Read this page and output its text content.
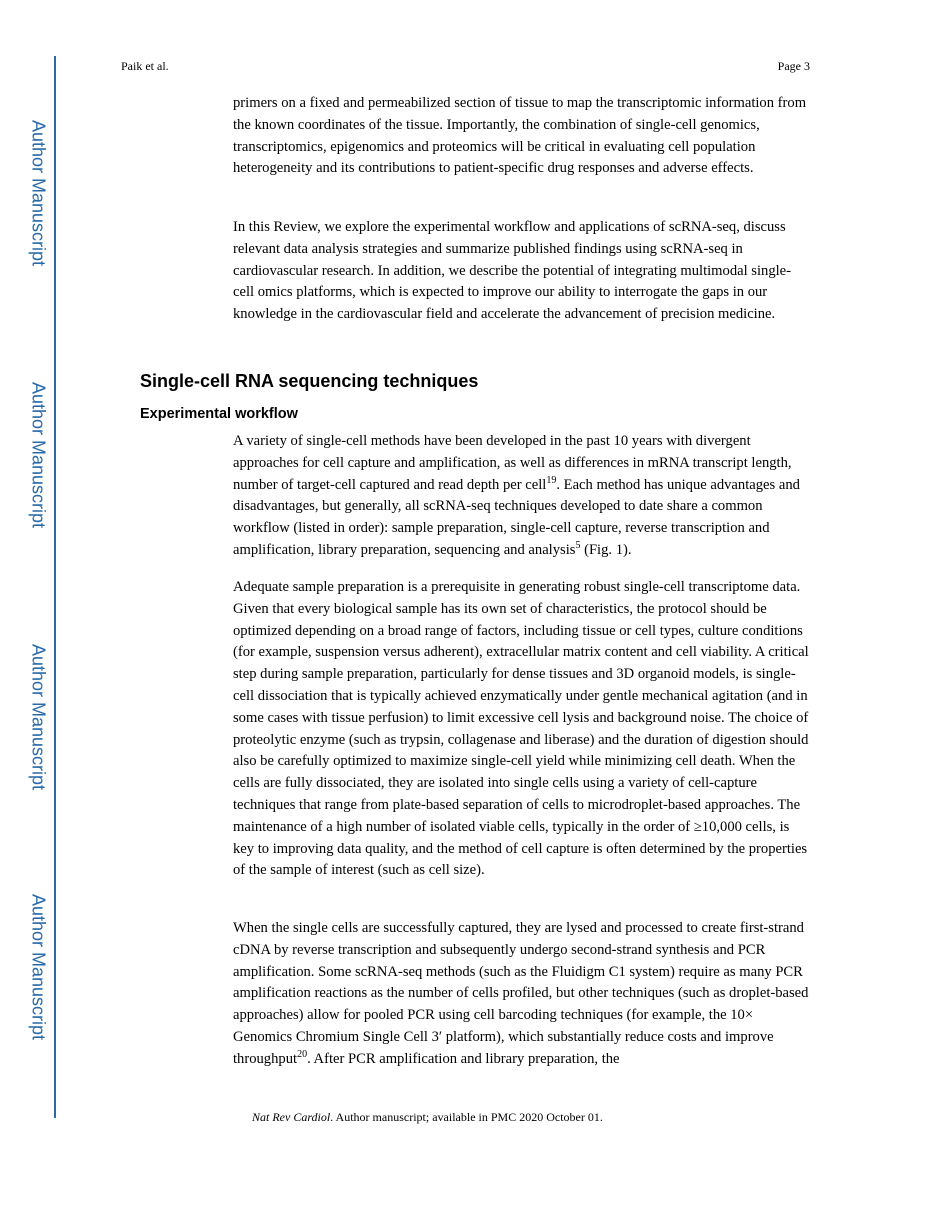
Author Manuscript
Author Manuscript
Author Manuscript
Author Manuscript
Paik et al.	Page 3

primers on a fixed and permeabilized section of tissue to map the transcriptomic information from the known coordinates of the tissue. Importantly, the combination of single-cell genomics, transcriptomics, epigenomics and proteomics will be critical in evaluating cell population heterogeneity and its contributions to patient-specific drug responses and adverse effects.

In this Review, we explore the experimental workflow and applications of scRNA-seq, discuss relevant data analysis strategies and summarize published findings using scRNA-seq in cardiovascular research. In addition, we describe the potential of integrating multimodal single-cell omics platforms, which is expected to improve our ability to interrogate the gaps in our knowledge in the cardiovascular field and accelerate the advancement of precision medicine.

Single-cell RNA sequencing techniques
Experimental workflow

A variety of single-cell methods have been developed in the past 10 years with divergent approaches for cell capture and amplification, as well as differences in mRNA transcript length, number of target-cell captured and read depth per cell$^{19}$. Each method has unique advantages and disadvantages, but generally, all scRNA-seq techniques developed to date share a common workflow (listed in order): sample preparation, single-cell capture, reverse transcription and amplification, library preparation, sequencing and analysis$^5$ (Fig. 1).

Adequate sample preparation is a prerequisite in generating robust single-cell transcriptome data. Given that every biological sample has its own set of characteristics, the protocol should be optimized depending on a broad range of factors, including tissue or cell types, culture conditions (for example, suspension versus adherent), extracellular matrix content and cell viability. A critical step during sample preparation, particularly for dense tissues and 3D organoid models, is single-cell dissociation that is typically achieved enzymatically under gentle mechanical agitation (and in some cases with tissue perfusion) to limit excessive cell lysis and background noise. The choice of proteolytic enzyme (such as trypsin, collagenase and liberase) and the duration of digestion should also be carefully optimized to maximize single-cell yield while minimizing cell death. When the cells are fully dissociated, they are isolated into single cells using a variety of cell-capture techniques that range from plate-based separation of cells to microdroplet-based approaches. The maintenance of a high number of isolated viable cells, typically in the order of ≥10,000 cells, is key to improving data quality, and the method of cell capture is often determined by the properties of the sample of interest (such as cell size).

When the single cells are successfully captured, they are lysed and processed to create first-strand cDNA by reverse transcription and subsequently undergo second-strand synthesis and PCR amplification. Some scRNA-seq methods (such as the Fluidigm C1 system) require as many PCR amplification reactions as the number of cells profiled, but other techniques (such as droplet-based approaches) allow for pooled PCR using cell barcoding techniques (for example, the 10× Genomics Chromium Single Cell 3′ platform), which substantially reduce costs and improve throughput$^{20}$. After PCR amplification and library preparation, the

Nat Rev Cardiol. Author manuscript; available in PMC 2020 October 01.
